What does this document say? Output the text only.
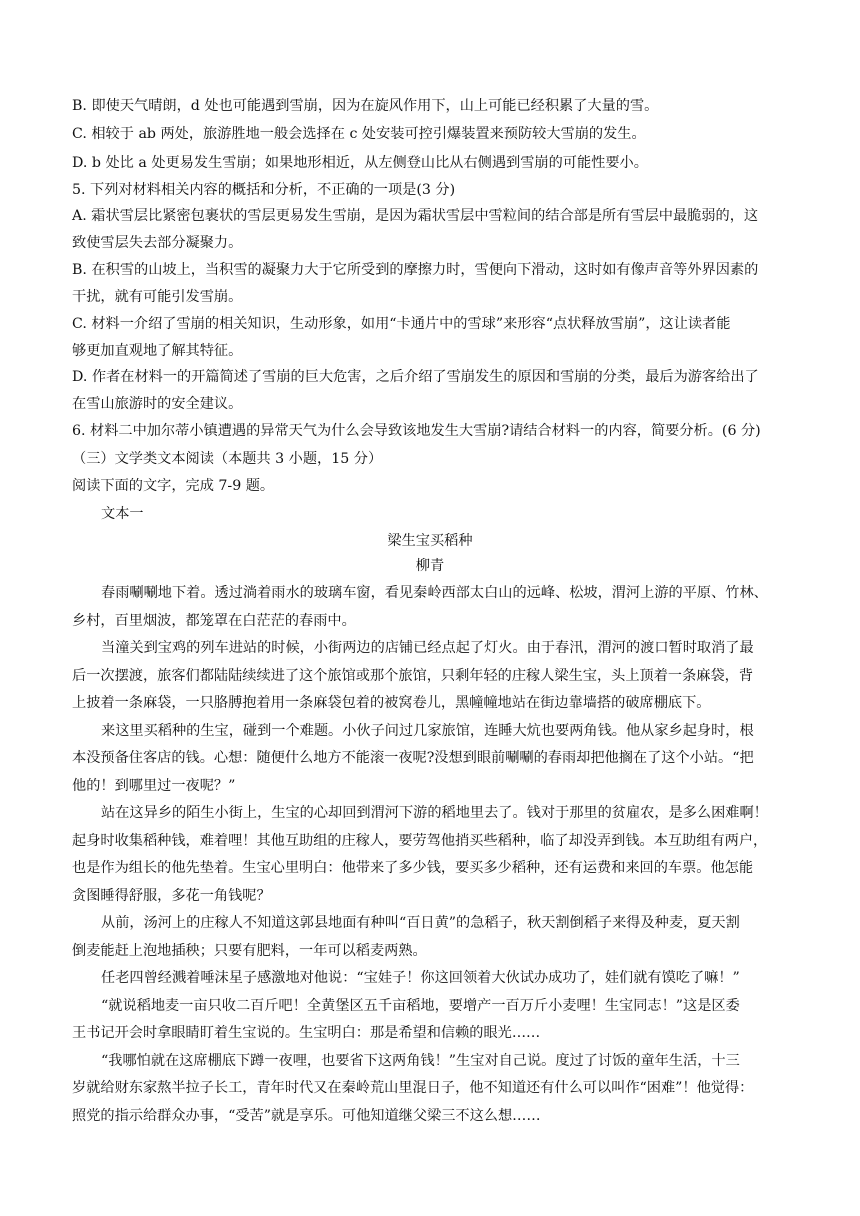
B. 即使天气晴朗，d 处也可能遇到雪崩，因为在旋风作用下，山上可能已经积累了大量的雪。
C. 相较于 ab 两处，旅游胜地一般会选择在 c 处安装可控引爆装置来预防较大雪崩的发生。
D. b 处比 a 处更易发生雪崩；如果地形相近，从左侧登山比从右侧遇到雪崩的可能性要小。
5. 下列对材料相关内容的概括和分析，不正确的一项是(3 分)
A. 霜状雪层比紧密包裹状的雪层更易发生雪崩，是因为霜状雪层中雪粒间的结合部是所有雪层中最脆弱的，这
致使雪层失去部分凝聚力。
B. 在积雪的山坡上，当积雪的凝聚力大于它所受到的摩擦力时，雪便向下滑动，这时如有像声音等外界因素的
干扰，就有可能引发雪崩。
C. 材料一介绍了雪崩的相关知识，生动形象，如用“卡通片中的雪球”来形容“点状释放雪崩”，这让读者能
够更加直观地了解其特征。
D. 作者在材料一的开篇简述了雪崩的巨大危害，之后介绍了雪崩发生的原因和雪崩的分类，最后为游客给出了
在雪山旅游时的安全建议。
6. 材料二中加尔蒂小镇遭遇的异常天气为什么会导致该地发生大雪崩?请结合材料一的内容，简要分析。(6 分)
（三）文学类文本阅读（本题共 3 小题，15 分）
阅读下面的文字，完成 7-9 题。
文本一
梁生宝买稻种
柳青
春雨唰唰地下着。透过淌着雨水的玻璃车窗，看见秦岭西部太白山的远峰、松坡，渭河上游的平原、竹林、
乡村，百里烟波，都笼罩在白茫茫的春雨中。
当潼关到宝鸡的列车进站的时候，小街两边的店铺已经点起了灯火。由于春汛，渭河的渡口暂时取消了最
后一次摆渡，旅客们都陆陆续续进了这个旅馆或那个旅馆，只剩年轻的庄稼人梁生宝，头上顶着一条麻袋，背
上披着一条麻袋，一只胳膊抱着用一条麻袋包着的被窝卷儿，黑幢幢地站在街边靠墙搭的破席棚底下。
来这里买稻种的生宝，碰到一个难题。小伙子问过几家旅馆，连睡大炕也要两角钱。他从家乡起身时，根
本没预备住客店的钱。心想：随便什么地方不能滚一夜呢?没想到眼前唰唰的春雨却把他搁在了这个小站。“把
他的！到哪里过一夜呢？”
站在这异乡的陌生小街上，生宝的心却回到渭河下游的稻地里去了。钱对于那里的贫雇农，是多么困难啊！
起身时收集稻种钱，难着哩！其他互助组的庄稼人，要劳驾他捎买些稻种，临了却没弄到钱。本互助组有两户，
也是作为组长的他先垫着。生宝心里明白：他带来了多少钱，要买多少稻种，还有运费和来回的车票。他怎能
贪图睡得舒服，多花一角钱呢？
从前，汤河上的庄稼人不知道这郭县地面有种叫“百日黄”的急稻子，秋天割倒稻子来得及种麦，夏天割
倒麦能赶上泡地插秧；只要有肥料，一年可以稻麦两熟。
任老四曾经溅着唾沫星子感激地对他说：“宝娃子！你这回领着大伙试办成功了，娃们就有馍吃了嘛！”
“就说稻地麦一亩只收二百斤吧！全黄堡区五千亩稻地，要增产一百万斤小麦哩！生宝同志！”这是区委
王书记开会时拿眼睛盯着生宝说的。生宝明白：那是希望和信赖的眼光……
“我哪怕就在这席棚底下蹲一夜哩，也要省下这两角钱！”生宝对自己说。度过了讨饭的童年生活，十三
岁就给财东家熬半拉子长工，青年时代又在秦岭荒山里混日子，他不知道还有什么可以叫作“困难”！他觉得：
照党的指示给群众办事，“受苦”就是享乐。可他知道继父梁三不这么想……
